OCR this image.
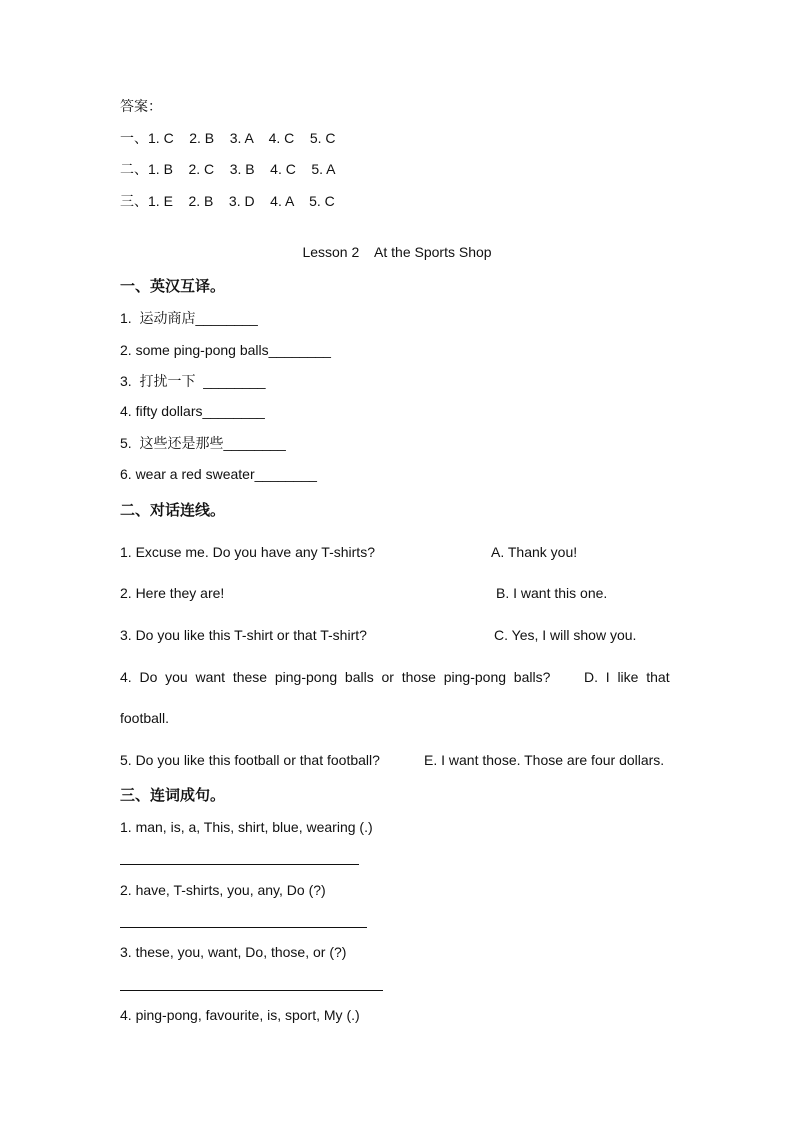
答案：
一、1. C    2. B    3. A    4. C    5. C
二、1. B    2. C    3. B    4. C    5. A
三、1. E    2. B    3. D    4. A    5. C
Lesson 2    At the Sports Shop
一、英汉互译。
1.  运动商店________
2. some ping-pong balls________
3.  打扰一下  ________
4. fifty dollars________
5.  这些还是那些________
6. wear a red sweater________
二、对话连线。
1. Excuse me. Do you have any T-shirts?	A. Thank you!
2. Here they are!	B. I want this one.
3. Do you like this T-shirt or that T-shirt?	C. Yes, I will show you.
4.  Do  you  want  these  ping-pong  balls  or  those  ping-pong  balls? D.  I  like  that
football.
5. Do you like this football or that football?	E. I want those. Those are four dollars.
三、连词成句。
1. man, is, a, This, shirt, blue, wearing (.)
2. have, T-shirts, you, any, Do (?)
3. these, you, want, Do, those, or (?)
4. ping-pong, favourite, is, sport, My (.)
